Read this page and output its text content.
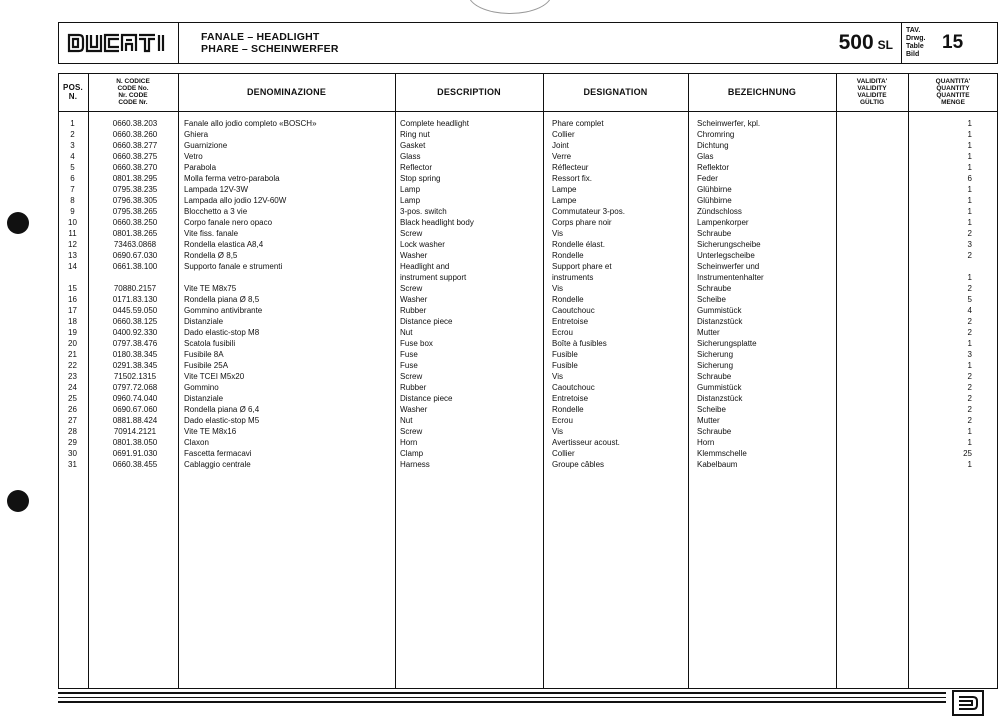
FANALE – HEADLIGHT
PHARE – SCHEINWERFER	500 SL
TAV.
Drwg.
Table
Bild
15
POS.
N.
N. CODICE
CODE No.
Nr. CODE
CODE Nr.
DENOMINAZIONE	DESCRIPTION	DESIGNATION	BEZEICHNUNG
VALIDITA'
VALIDITY
VALIDITE
GÜLTIG
QUANTITA'
QUANTITY
QUANTITE
MENGE
1	0660.38.203	Fanale allo jodio completo «BOSCH»	Complete headlight	Phare complet	Scheinwerfer, kpl.	1
2	0660.38.260	Ghiera	Ring nut	Collier	Chromring	1
3	0660.38.277	Guarnizione	Gasket	Joint	Dichtung	1
4	0660.38.275	Vetro	Glass	Verre	Glas	1
5	0660.38.270	Parabola	Reflector	Réflecteur	Reflektor	1
6	0801.38.295	Molla ferma vetro-parabola	Stop spring	Ressort fix.	Feder	6
7	0795.38.235	Lampada 12V-3W	Lamp	Lampe	Glühbirne	1
8	0796.38.305	Lampada allo jodio 12V-60W	Lamp	Lampe	Glühbirne	1
9	0795.38.265	Blocchetto a 3 vie	3-pos. switch	Commutateur 3-pos.	Zündschloss	1
10	0660.38.250	Corpo fanale nero opaco	Black headlight body	Corps phare noir	Lampenkorper	1
11	0801.38.265	Vite fiss. fanale	Screw	Vis	Schraube	2
12	73463.0868	Rondella elastica A8,4	Lock washer	Rondelle élast.	Sicherungscheibe	3
13	0690.67.030	Rondella Ø 8,5	Washer	Rondelle	Unterlegscheibe	2
14	0661.38.100	Supporto fanale e strumenti	Headlight and	Support phare et	Scheinwerfer und
instrument support	instruments	Instrumentenhalter	1
15	70880.2157	Vite TE M8x75	Screw	Vis	Schraube	2
16	0171.83.130	Rondella piana Ø 8,5	Washer	Rondelle	Scheibe	5
17	0445.59.050	Gommino antivibrante	Rubber	Caoutchouc	Gummistück	4
18	0660.38.125	Distanziale	Distance piece	Entretoise	Distanzstück	2
19	0400.92.330	Dado elastic-stop M8	Nut	Ecrou	Mutter	2
20	0797.38.476	Scatola fusibili	Fuse box	Boîte à fusibles	Sicherungsplatte	1
21	0180.38.345	Fusibile 8A	Fuse	Fusible	Sicherung	3
22	0291.38.345	Fusibile 25A	Fuse	Fusible	Sicherung	1
23	71502.1315	Vite TCEI M5x20	Screw	Vis	Schraube	2
24	0797.72.068	Gommino	Rubber	Caoutchouc	Gummistück	2
25	0960.74.040	Distanziale	Distance piece	Entretoise	Distanzstück	2
26	0690.67.060	Rondella piana Ø 6,4	Washer	Rondelle	Scheibe	2
27	0881.88.424	Dado elastic-stop M5	Nut	Ecrou	Mutter	2
28	70914.2121	Vite TE M8x16	Screw	Vis	Schraube	1
29	0801.38.050	Claxon	Horn	Avertisseur acoust.	Horn	1
30	0691.91.030	Fascetta fermacavi	Clamp	Collier	Klemmschelle	25
31	0660.38.455	Cablaggio centrale	Harness	Groupe câbles	Kabelbaum	1
